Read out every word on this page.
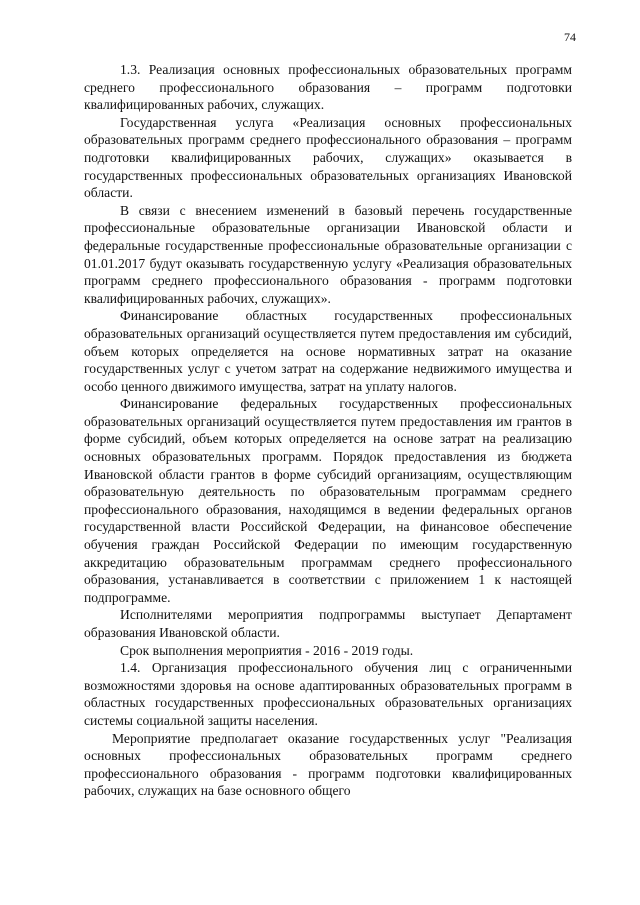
74

1.3. Реализация основных профессиональных образовательных программ среднего профессионального образования – программ подготовки квалифицированных рабочих, служащих.

Государственная услуга «Реализация основных профессиональных образовательных программ среднего профессионального образования – программ подготовки квалифицированных рабочих, служащих» оказывается в государственных профессиональных образовательных организациях Ивановской области.

В связи с внесением изменений в базовый перечень государственные профессиональные образовательные организации Ивановской области и федеральные государственные профессиональные образовательные организации с 01.01.2017 будут оказывать государственную услугу «Реализация образовательных программ среднего профессионального образования - программ подготовки квалифицированных рабочих, служащих».

Финансирование областных государственных профессиональных образовательных организаций осуществляется путем предоставления им субсидий, объем которых определяется на основе нормативных затрат на оказание государственных услуг с учетом затрат на содержание недвижимого имущества и особо ценного движимого имущества, затрат на уплату налогов.

Финансирование федеральных государственных профессиональных образовательных организаций осуществляется путем предоставления им грантов в форме субсидий, объем которых определяется на основе затрат на реализацию основных образовательных программ. Порядок предоставления из бюджета Ивановской области грантов в форме субсидий организациям, осуществляющим образовательную деятельность по образовательным программам среднего профессионального образования, находящимся в ведении федеральных органов государственной власти Российской Федерации, на финансовое обеспечение обучения граждан Российской Федерации по имеющим государственную аккредитацию образовательным программам среднего профессионального образования, устанавливается в соответствии с приложением 1 к настоящей подпрограмме.

Исполнителями мероприятия подпрограммы выступает Департамент образования Ивановской области.

Срок выполнения мероприятия - 2016 - 2019 годы.

1.4. Организация профессионального обучения лиц с ограниченными возможностями здоровья на основе адаптированных образовательных программ в областных государственных профессиональных образовательных организациях системы социальной защиты населения.

Мероприятие предполагает оказание государственных услуг "Реализация основных профессиональных образовательных программ среднего профессионального образования - программ подготовки квалифицированных рабочих, служащих на базе основного общего
